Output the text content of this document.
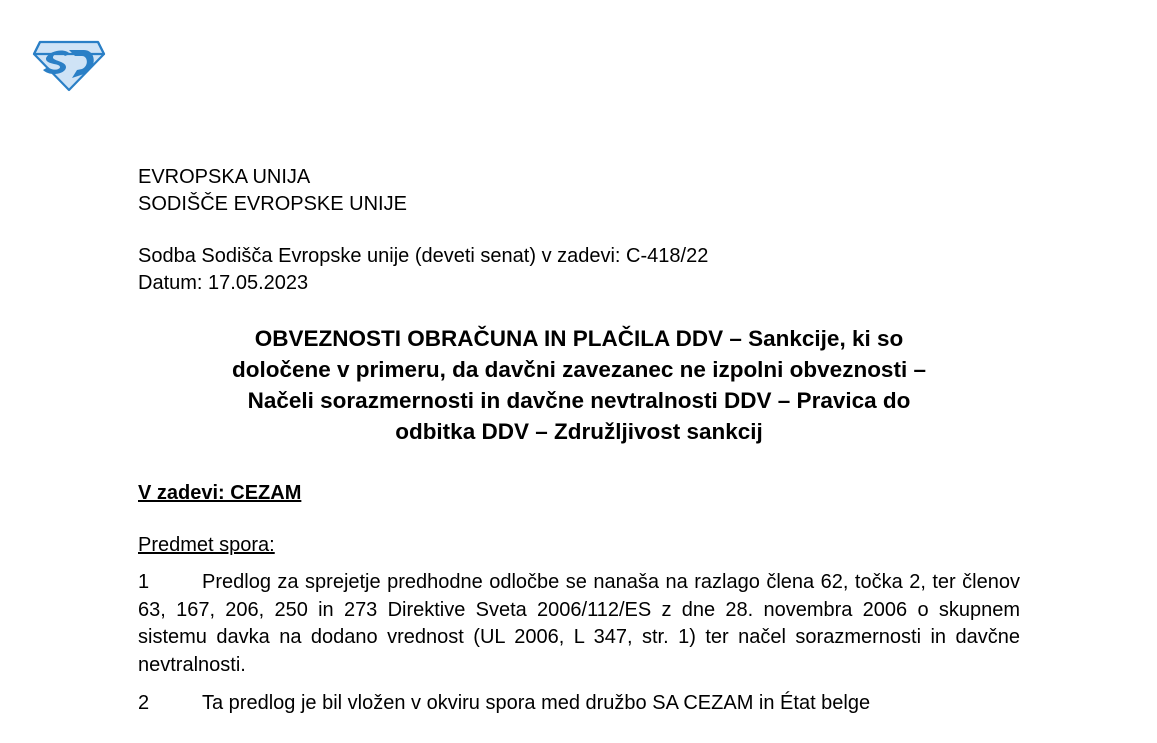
EVROPSKA UNIJA

SODIŠČE EVROPSKE UNIJE

Sodba Sodišča Evropske unije (deveti senat) v zadevi: C-418/22

Datum: 17.05.2023

OBVEZNOSTI OBRAČUNA IN PLAČILA DDV – Sankcije, ki so
določene v primeru, da davčni zavezanec ne izpolni obveznosti –
Načeli sorazmernosti in davčne nevtralnosti DDV – Pravica do
odbitka DDV – Združljivost sankcij
V zadevi: CEZAM
Predmet spora:
1	Predlog za sprejetje predhodne odločbe se nanaša na razlago člena 62, točka 2, ter členov 63, 167, 206, 250 in 273 Direktive Sveta 2006/112/ES z dne 28. novembra 2006 o skupnem sistemu davka na dodano vrednost (UL 2006, L 347, str. 1) ter načel sorazmernosti in davčne nevtralnosti.
2	Ta predlog je bil vložen v okviru spora med družbo SA CEZAM in État belge
